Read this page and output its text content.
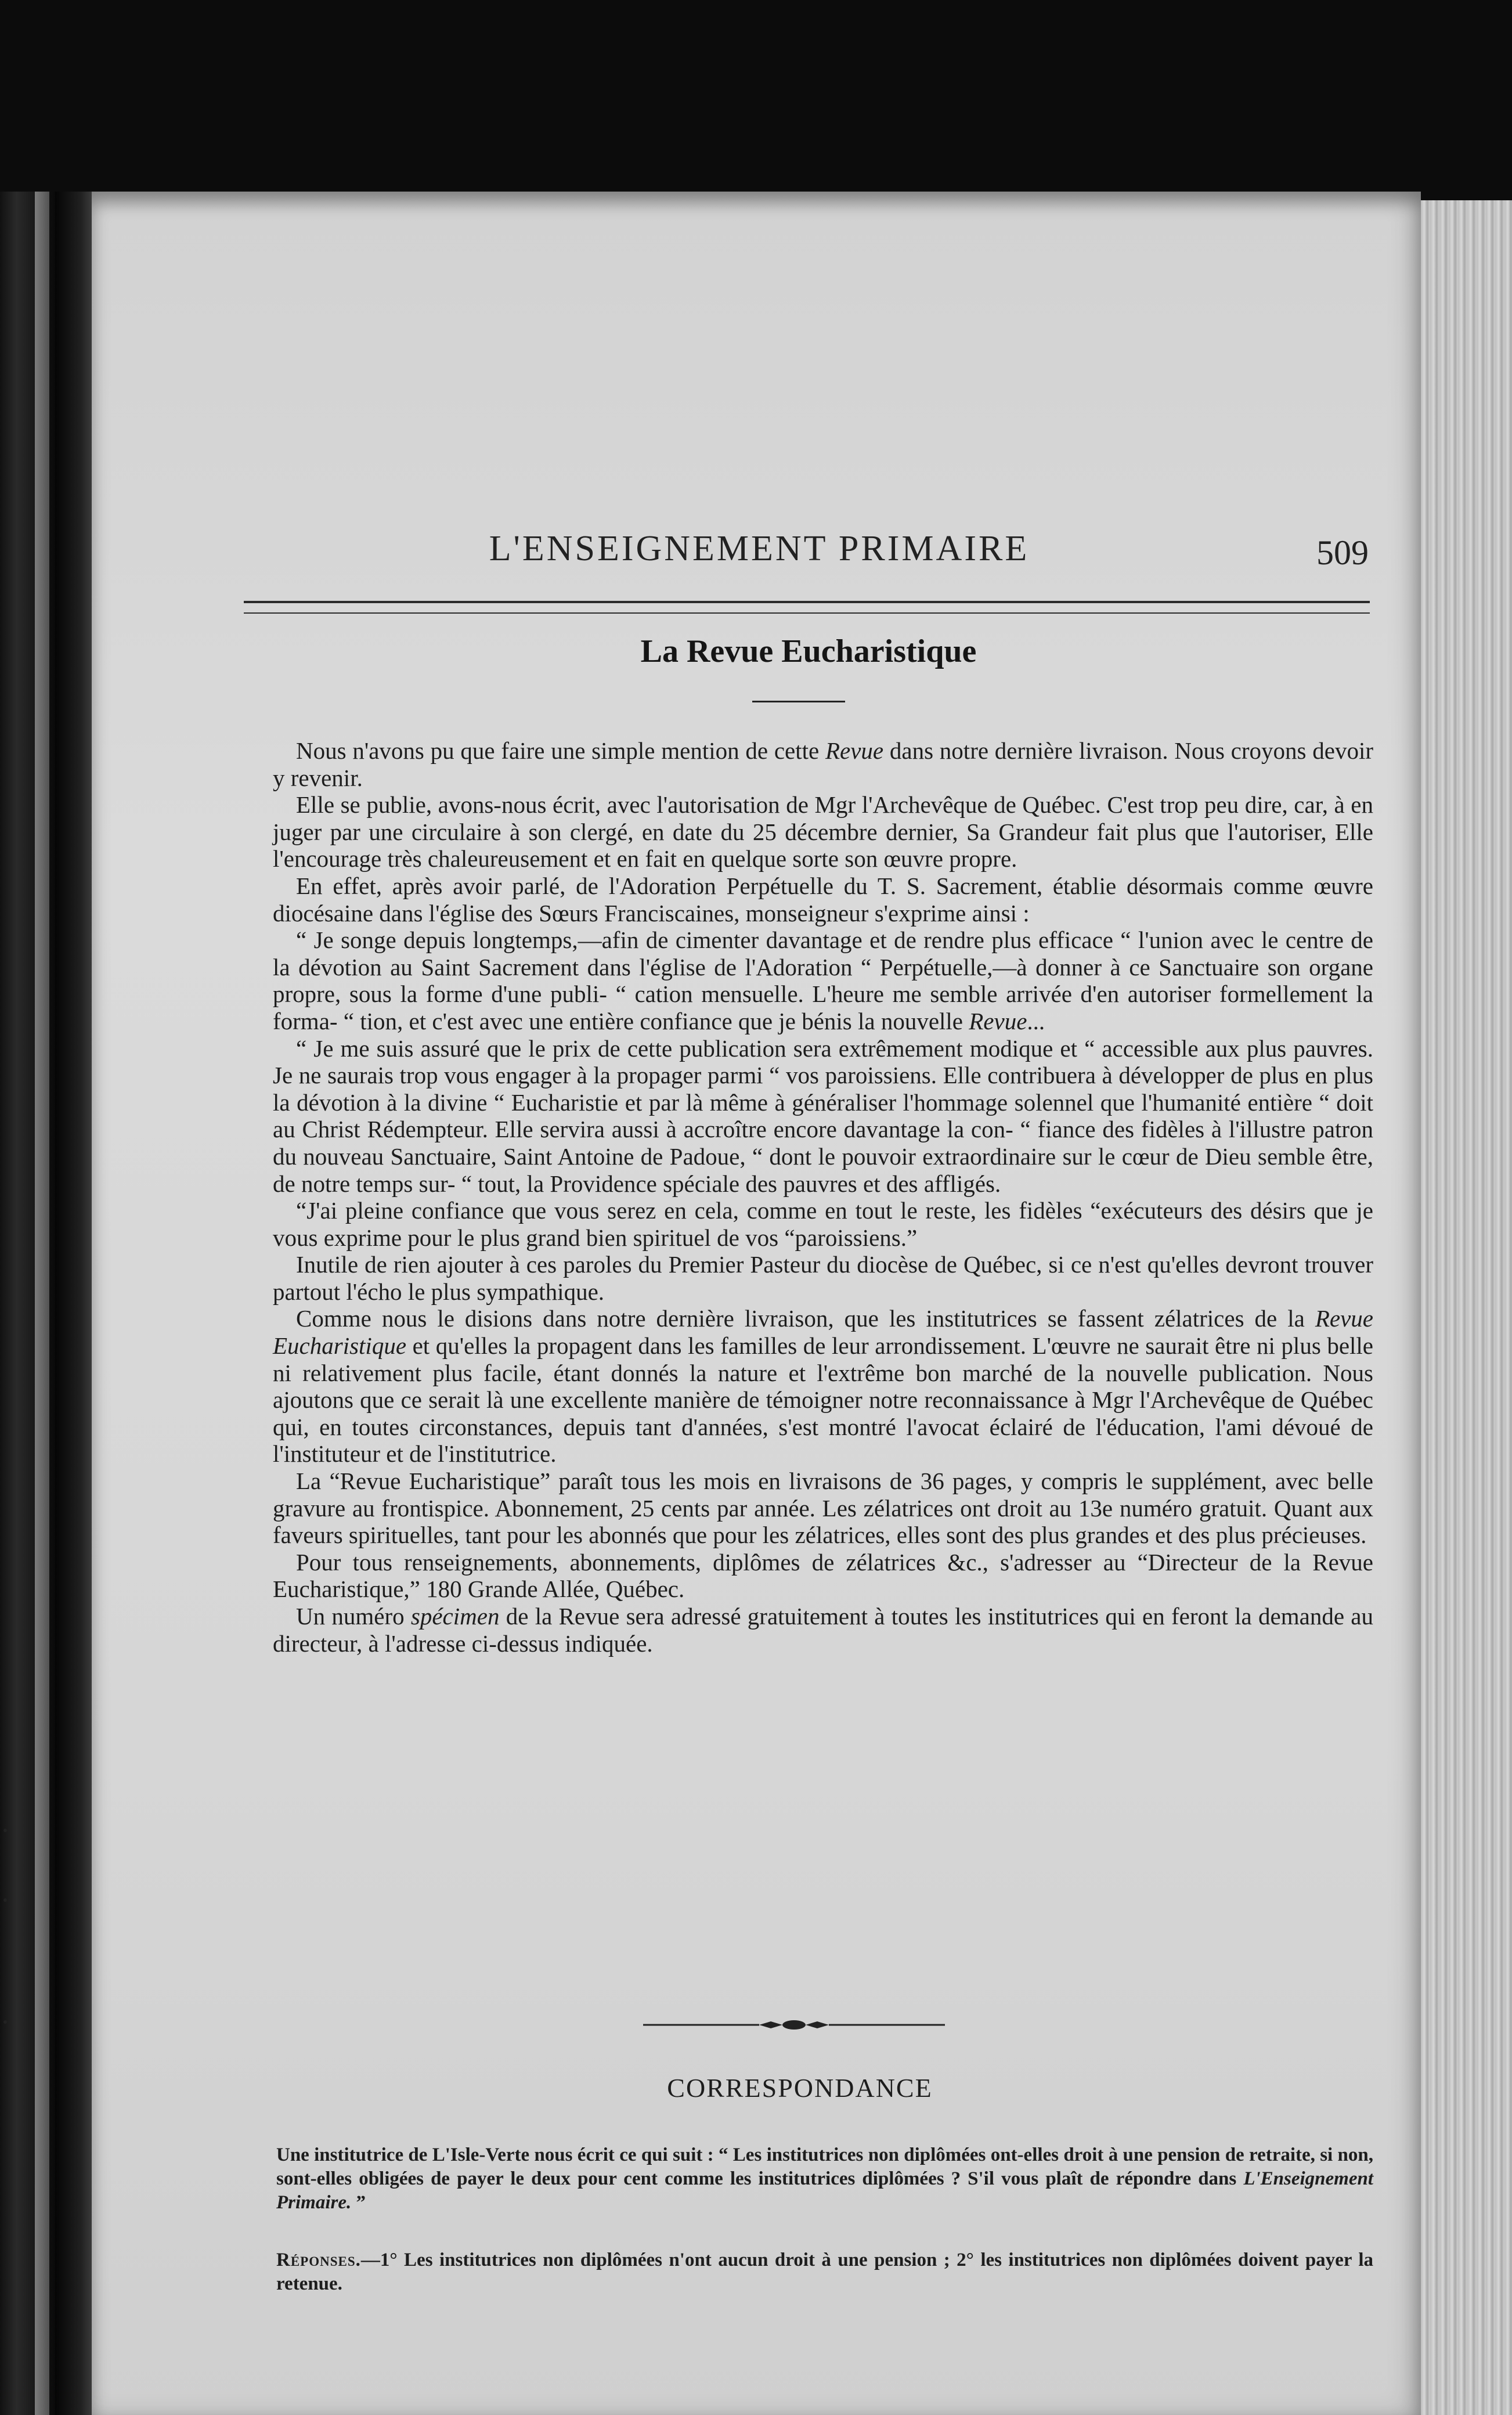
L'ENSEIGNEMENT PRIMAIRE	509
La Revue Eucharistique

Nous n'avons pu que faire une simple mention de cette Revue dans notre dernière livraison. Nous croyons devoir y revenir.

Elle se publie, avons-nous écrit, avec l'autorisation de Mgr l'Archevêque de Québec. C'est trop peu dire, car, à en juger par une circulaire à son clergé, en date du 25 décembre dernier, Sa Grandeur fait plus que l'autoriser, Elle l'encourage très chaleureusement et en fait en quelque sorte son œuvre propre.

En effet, après avoir parlé, de l'Adoration Perpétuelle du T. S. Sacrement, établie désormais comme œuvre diocésaine dans l'église des Sœurs Franciscaines, monseigneur s'exprime ainsi :

“ Je songe depuis longtemps,—afin de cimenter davantage et de rendre plus efficace “ l'union avec le centre de la dévotion au Saint Sacrement dans l'église de l'Adoration “ Perpétuelle,—à donner à ce Sanctuaire son organe propre, sous la forme d'une publi- “ cation mensuelle. L'heure me semble arrivée d'en autoriser formellement la forma- “ tion, et c'est avec une entière confiance que je bénis la nouvelle Revue...

“ Je me suis assuré que le prix de cette publication sera extrêmement modique et “ accessible aux plus pauvres. Je ne saurais trop vous engager à la propager parmi “ vos paroissiens. Elle contribuera à développer de plus en plus la dévotion à la divine “ Eucharistie et par là même à généraliser l'hommage solennel que l'humanité entière “ doit au Christ Rédempteur. Elle servira aussi à accroître encore davantage la con- “ fiance des fidèles à l'illustre patron du nouveau Sanctuaire, Saint Antoine de Padoue, “ dont le pouvoir extraordinaire sur le cœur de Dieu semble être, de notre temps sur- “ tout, la Providence spéciale des pauvres et des affligés.

“J'ai pleine confiance que vous serez en cela, comme en tout le reste, les fidèles “exécuteurs des désirs que je vous exprime pour le plus grand bien spirituel de vos “paroissiens.”

Inutile de rien ajouter à ces paroles du Premier Pasteur du diocèse de Québec, si ce n'est qu'elles devront trouver partout l'écho le plus sympathique.

Comme nous le disions dans notre dernière livraison, que les institutrices se fassent zélatrices de la Revue Eucharistique et qu'elles la propagent dans les familles de leur arrondissement. L'œuvre ne saurait être ni plus belle ni relativement plus facile, étant donnés la nature et l'extrême bon marché de la nouvelle publication. Nous ajoutons que ce serait là une excellente manière de témoigner notre reconnaissance à Mgr l'Archevêque de Québec qui, en toutes circonstances, depuis tant d'années, s'est montré l'avocat éclairé de l'éducation, l'ami dévoué de l'instituteur et de l'institutrice.

La “Revue Eucharistique” paraît tous les mois en livraisons de 36 pages, y compris le supplément, avec belle gravure au frontispice. Abonnement, 25 cents par année. Les zélatrices ont droit au 13e numéro gratuit. Quant aux faveurs spirituelles, tant pour les abonnés que pour les zélatrices, elles sont des plus grandes et des plus précieuses.

Pour tous renseignements, abonnements, diplômes de zélatrices &c., s'adresser au “Directeur de la Revue Eucharistique,” 180 Grande Allée, Québec.

Un numéro spécimen de la Revue sera adressé gratuitement à toutes les institutrices qui en feront la demande au directeur, à l'adresse ci-dessus indiquée.

CORRESPONDANCE

Une institutrice de L'Isle-Verte nous écrit ce qui suit : “ Les institutrices non diplômées ont-elles droit à une pension de retraite, si non, sont-elles obligées de payer le deux pour cent comme les institutrices diplômées ? S'il vous plaît de répondre dans L'Enseignement Primaire. ”

Réponses.—1° Les institutrices non diplômées n'ont aucun droit à une pension ; 2° les institutrices non diplômées doivent payer la retenue.
